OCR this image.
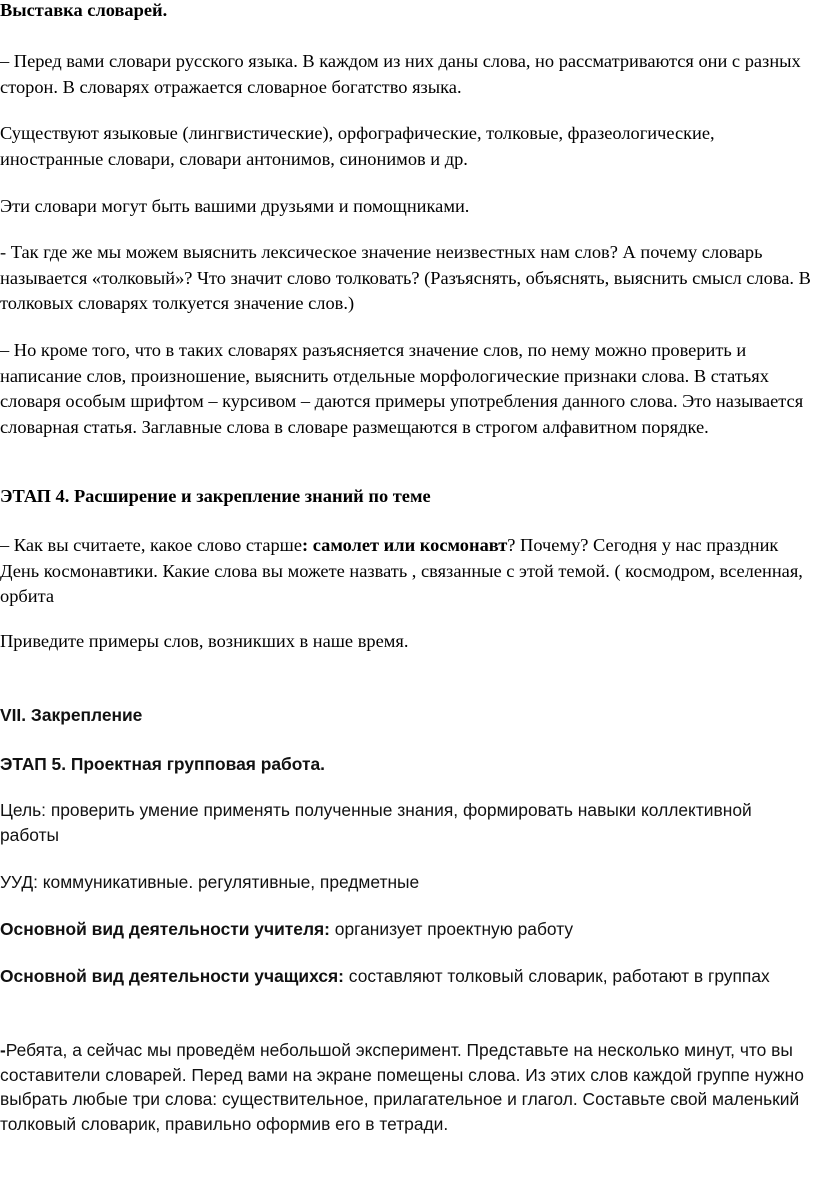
Выставка словарей.

– Перед вами словари русского языка. В каждом из них даны слова, но рассматриваются они с разных сторон. В словарях отражается словарное богатство языка.

Существуют языковые (лингвистические), орфографические, толковые, фразеологические, иностранные словари, словари антонимов, синонимов и др.

Эти словари могут быть вашими друзьями и помощниками.

- Так где же мы можем выяснить лексическое значение неизвестных нам слов? А почему словарь называется «толковый»? Что значит слово толковать? (Разъяснять, объяснять, выяснить смысл слова. В толковых словарях толкуется значение слов.)

– Но кроме того, что в таких словарях разъясняется значение слов, по нему можно проверить и написание слов, произношение, выяснить отдельные морфологические признаки слова. В статьях словаря особым шрифтом – курсивом – даются примеры употребления данного слова. Это называется словарная статья. Заглавные слова в словаре размещаются в строгом алфавитном порядке.

ЭТАП 4. Расширение и закрепление знаний по теме

– Как вы считаете, какое слово старше: самолет или космонавт? Почему? Сегодня у нас праздник День космонавтики. Какие слова вы можете назвать , связанные с этой темой. ( космодром, вселенная, орбита

Приведите примеры слов, возникших в наше время.

VII. Закрепление

ЭТАП 5. Проектная групповая работа.

Цель: проверить умение применять полученные знания, формировать навыки коллективной работы

УУД: коммуникативные. регулятивные, предметные

Основной вид деятельности учителя: организует проектную работу

Основной вид деятельности учащихся: составляют толковый словарик, работают в группах

-Ребята, а сейчас мы проведём небольшой эксперимент. Представьте на несколько минут, что вы составители словарей. Перед вами на экране помещены слова. Из этих слов каждой группе нужно выбрать любые три слова: существительное, прилагательное и глагол. Составьте свой маленький толковый словарик, правильно оформив его в тетради.
